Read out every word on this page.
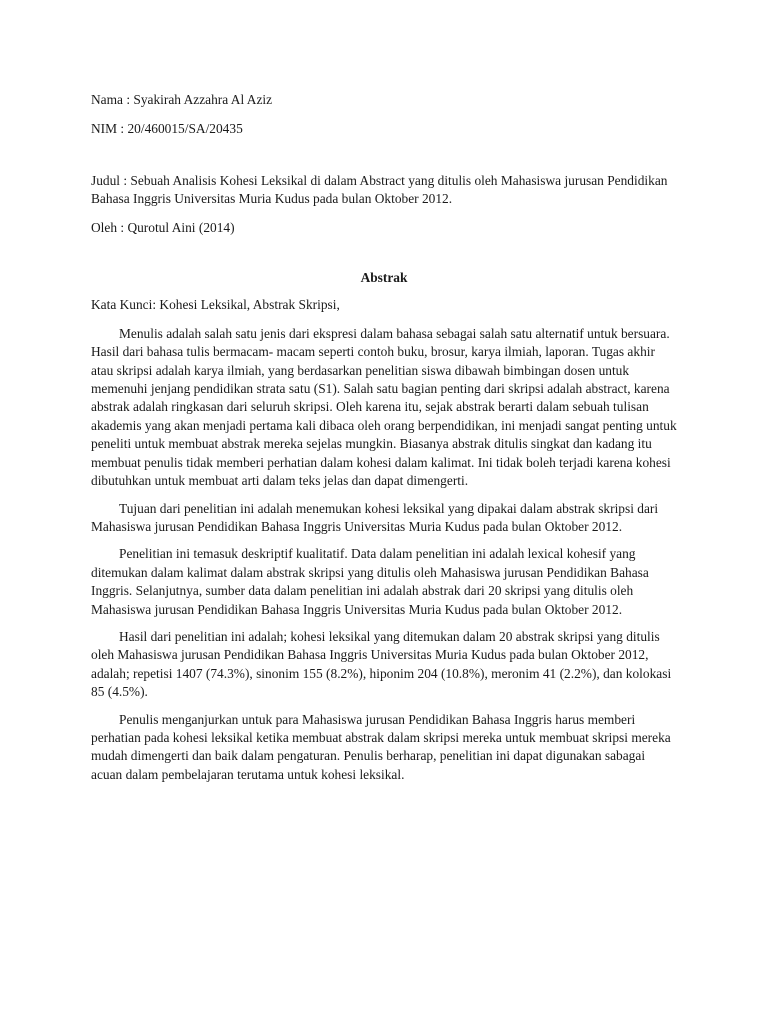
Nama : Syakirah Azzahra Al Aziz

NIM : 20/460015/SA/20435

Judul : Sebuah Analisis Kohesi Leksikal di dalam Abstract yang ditulis oleh Mahasiswa jurusan Pendidikan Bahasa Inggris Universitas Muria Kudus pada bulan Oktober 2012.

Oleh : Qurotul Aini (2014)

Abstrak

Kata Kunci: Kohesi Leksikal, Abstrak Skripsi,

Menulis adalah salah satu jenis dari ekspresi dalam bahasa sebagai salah satu alternatif untuk bersuara. Hasil dari bahasa tulis bermacam- macam seperti contoh buku, brosur, karya ilmiah, laporan. Tugas akhir atau skripsi adalah karya ilmiah, yang berdasarkan penelitian siswa dibawah bimbingan dosen untuk memenuhi jenjang pendidikan strata satu (S1). Salah satu bagian penting dari skripsi adalah abstract, karena abstrak adalah ringkasan dari seluruh skripsi. Oleh karena itu, sejak abstrak berarti dalam sebuah tulisan akademis yang akan menjadi pertama kali dibaca oleh orang berpendidikan, ini menjadi sangat penting untuk peneliti untuk membuat abstrak mereka sejelas mungkin. Biasanya abstrak ditulis singkat dan kadang itu membuat penulis tidak memberi perhatian dalam kohesi dalam kalimat. Ini tidak boleh terjadi karena kohesi dibutuhkan untuk membuat arti dalam teks jelas dan dapat dimengerti.

Tujuan dari penelitian ini adalah menemukan kohesi leksikal yang dipakai dalam abstrak skripsi dari Mahasiswa jurusan Pendidikan Bahasa Inggris Universitas Muria Kudus pada bulan Oktober 2012.

Penelitian ini temasuk deskriptif kualitatif. Data dalam penelitian ini adalah lexical kohesif yang ditemukan dalam kalimat dalam abstrak skripsi yang ditulis oleh Mahasiswa jurusan Pendidikan Bahasa Inggris. Selanjutnya, sumber data dalam penelitian ini adalah abstrak dari 20 skripsi yang ditulis oleh Mahasiswa jurusan Pendidikan Bahasa Inggris Universitas Muria Kudus pada bulan Oktober 2012.

Hasil dari penelitian ini adalah; kohesi leksikal yang ditemukan dalam 20 abstrak skripsi yang ditulis oleh Mahasiswa jurusan Pendidikan Bahasa Inggris Universitas Muria Kudus pada bulan Oktober 2012, adalah; repetisi 1407 (74.3%), sinonim 155 (8.2%), hiponim 204 (10.8%), meronim 41 (2.2%), dan kolokasi 85 (4.5%).

Penulis menganjurkan untuk para Mahasiswa jurusan Pendidikan Bahasa Inggris harus memberi perhatian pada kohesi leksikal ketika membuat abstrak dalam skripsi mereka untuk membuat skripsi mereka mudah dimengerti dan baik dalam pengaturan. Penulis berharap, penelitian ini dapat digunakan sabagai acuan dalam pembelajaran terutama untuk kohesi leksikal.
